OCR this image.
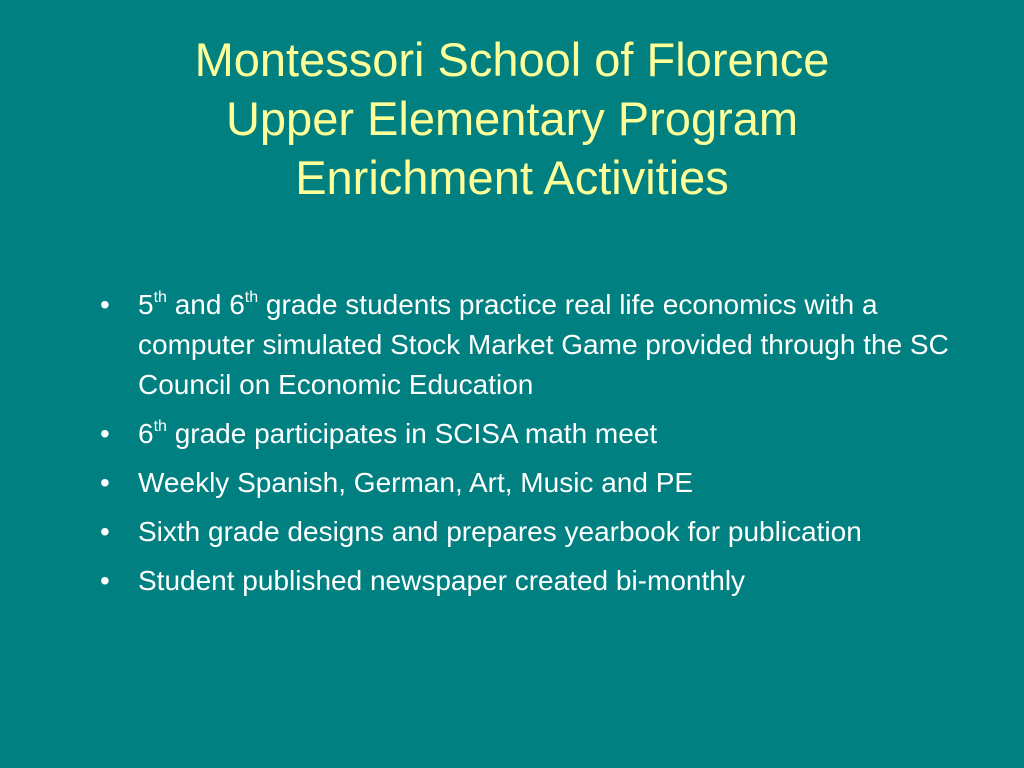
Montessori School of Florence
Upper Elementary Program
Enrichment Activities
•	5th and 6th grade students practice real life economics with a computer simulated Stock Market Game provided through the SC Council on Economic Education
•	6th grade participates in SCISA math meet
•	Weekly Spanish, German, Art, Music and PE
•	Sixth grade designs and prepares yearbook for publication
•	Student published newspaper created bi-monthly
